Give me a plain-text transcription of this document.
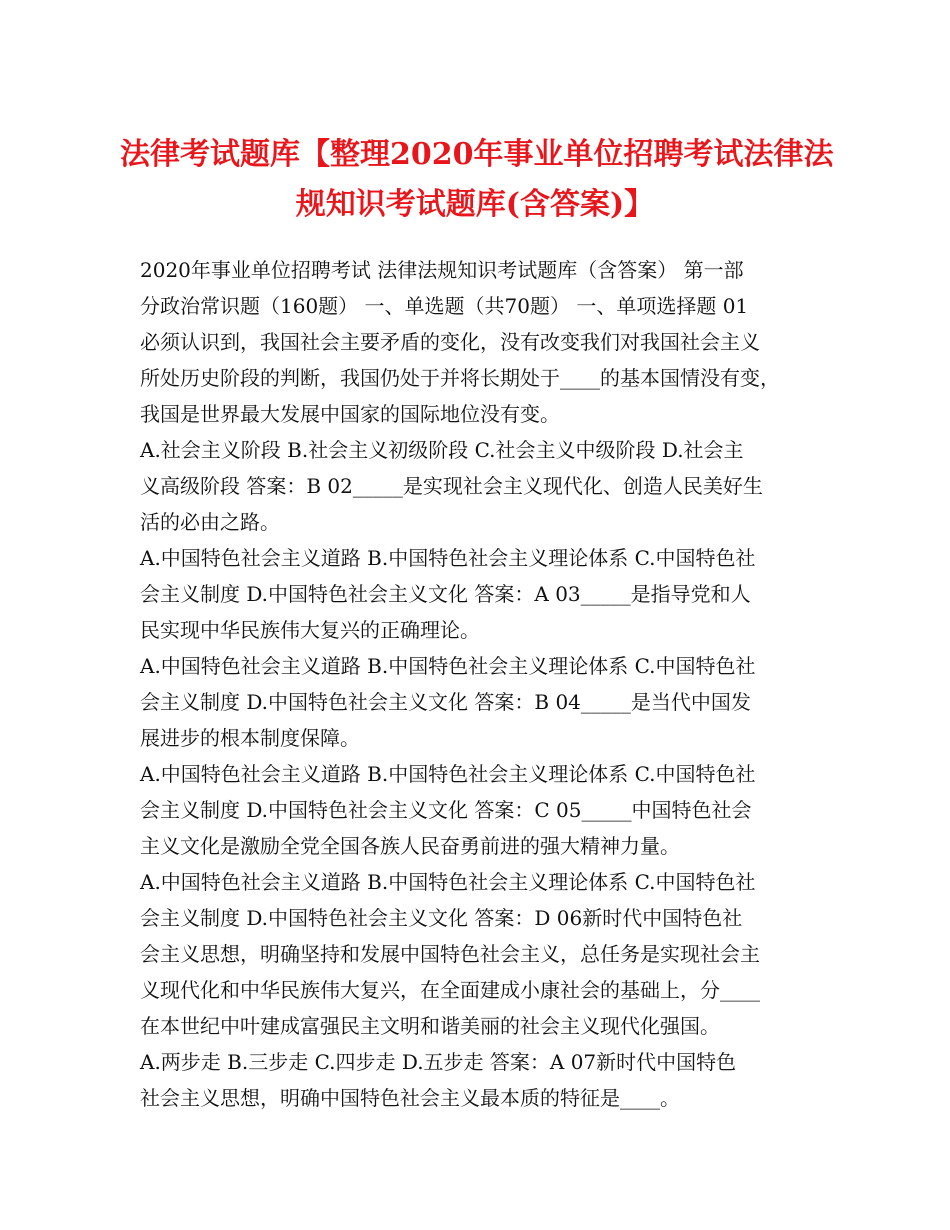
法律考试题库【整理2020年事业单位招聘考试法律法
规知识考试题库(含答案)】
2020年事业单位招聘考试 法律法规知识考试题库（含答案） 第一部
分政治常识题（160题） 一、单选题（共70题） 一、单项选择题 01
必须认识到，我国社会主要矛盾的变化，没有改变我们对我国社会主义
所处历史阶段的判断，我国仍处于并将长期处于____的基本国情没有变，
我国是世界最大发展中国家的国际地位没有变。
A.社会主义阶段 B.社会主义初级阶段 C.社会主义中级阶段 D.社会主
义高级阶段 答案：B 02_____是实现社会主义现代化、创造人民美好生
活的必由之路。
A.中国特色社会主义道路 B.中国特色社会主义理论体系 C.中国特色社
会主义制度 D.中国特色社会主义文化 答案：A 03_____是指导党和人
民实现中华民族伟大复兴的正确理论。
A.中国特色社会主义道路 B.中国特色社会主义理论体系 C.中国特色社
会主义制度 D.中国特色社会主义文化 答案：B 04_____是当代中国发
展进步的根本制度保障。
A.中国特色社会主义道路 B.中国特色社会主义理论体系 C.中国特色社
会主义制度 D.中国特色社会主义文化 答案：C 05_____中国特色社会
主义文化是激励全党全国各族人民奋勇前进的强大精神力量。
A.中国特色社会主义道路 B.中国特色社会主义理论体系 C.中国特色社
会主义制度 D.中国特色社会主义文化 答案：D 06新时代中国特色社
会主义思想，明确坚持和发展中国特色社会主义，总任务是实现社会主
义现代化和中华民族伟大复兴，在全面建成小康社会的基础上，分____
在本世纪中叶建成富强民主文明和谐美丽的社会主义现代化强国。
A.两步走 B.三步走 C.四步走 D.五步走 答案：A 07新时代中国特色
社会主义思想，明确中国特色社会主义最本质的特征是____。
